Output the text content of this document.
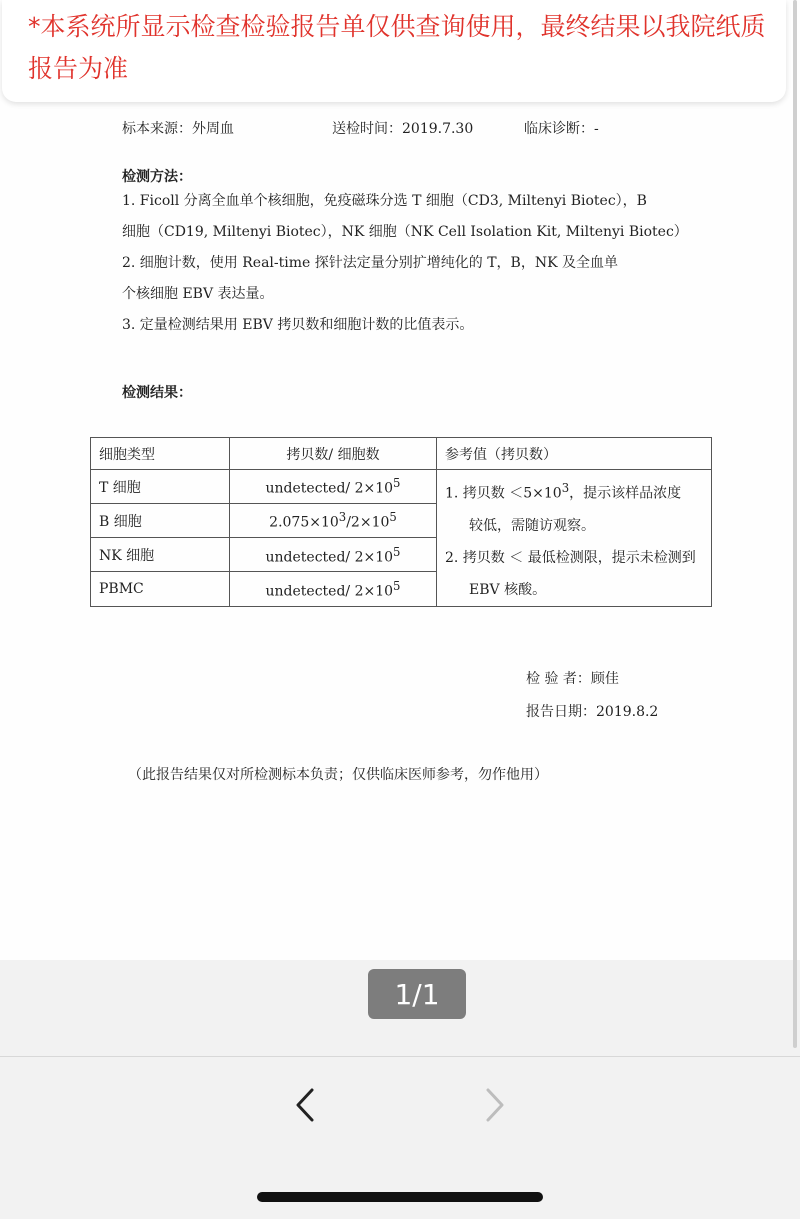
标本来源：外周血	送检时间：2019.7.30	临床诊断：-
检测方法：
1. Ficoll 分离全血单个核细胞，免疫磁珠分选 T 细胞（CD3, Miltenyi Biotec），B
细胞（CD19, Miltenyi Biotec），NK 细胞（NK Cell Isolation Kit, Miltenyi Biotec）
2. 细胞计数，使用 Real-time 探针法定量分别扩增纯化的 T，B，NK 及全血单
个核细胞 EBV 表达量。
3. 定量检测结果用 EBV 拷贝数和细胞计数的比值表示。
检测结果：
细胞类型	拷贝数/ 细胞数	参考值（拷贝数）
T 细胞	undetected/ $2\times 10^5$	1. 拷贝数 $<5\times 10^3$，提示该样品浓度
较低，需随访观察。
2. 拷贝数 ＜ 最低检测限，提示未检测到
EBV 核酸。

B 细胞	$2.075\times 10^3/2\times 10^5$
NK 细胞	undetected/ $2\times 10^5$
PBMC	undetected/ $2\times 10^5$
检 验 者：顾佳
报告日期：2019.8.2
（此报告结果仅对所检测标本负责；仅供临床医师参考，勿作他用）
*本系统所显示检查检验报告单仅供查询使用，最终结果以我院纸质报告为准
1/1
